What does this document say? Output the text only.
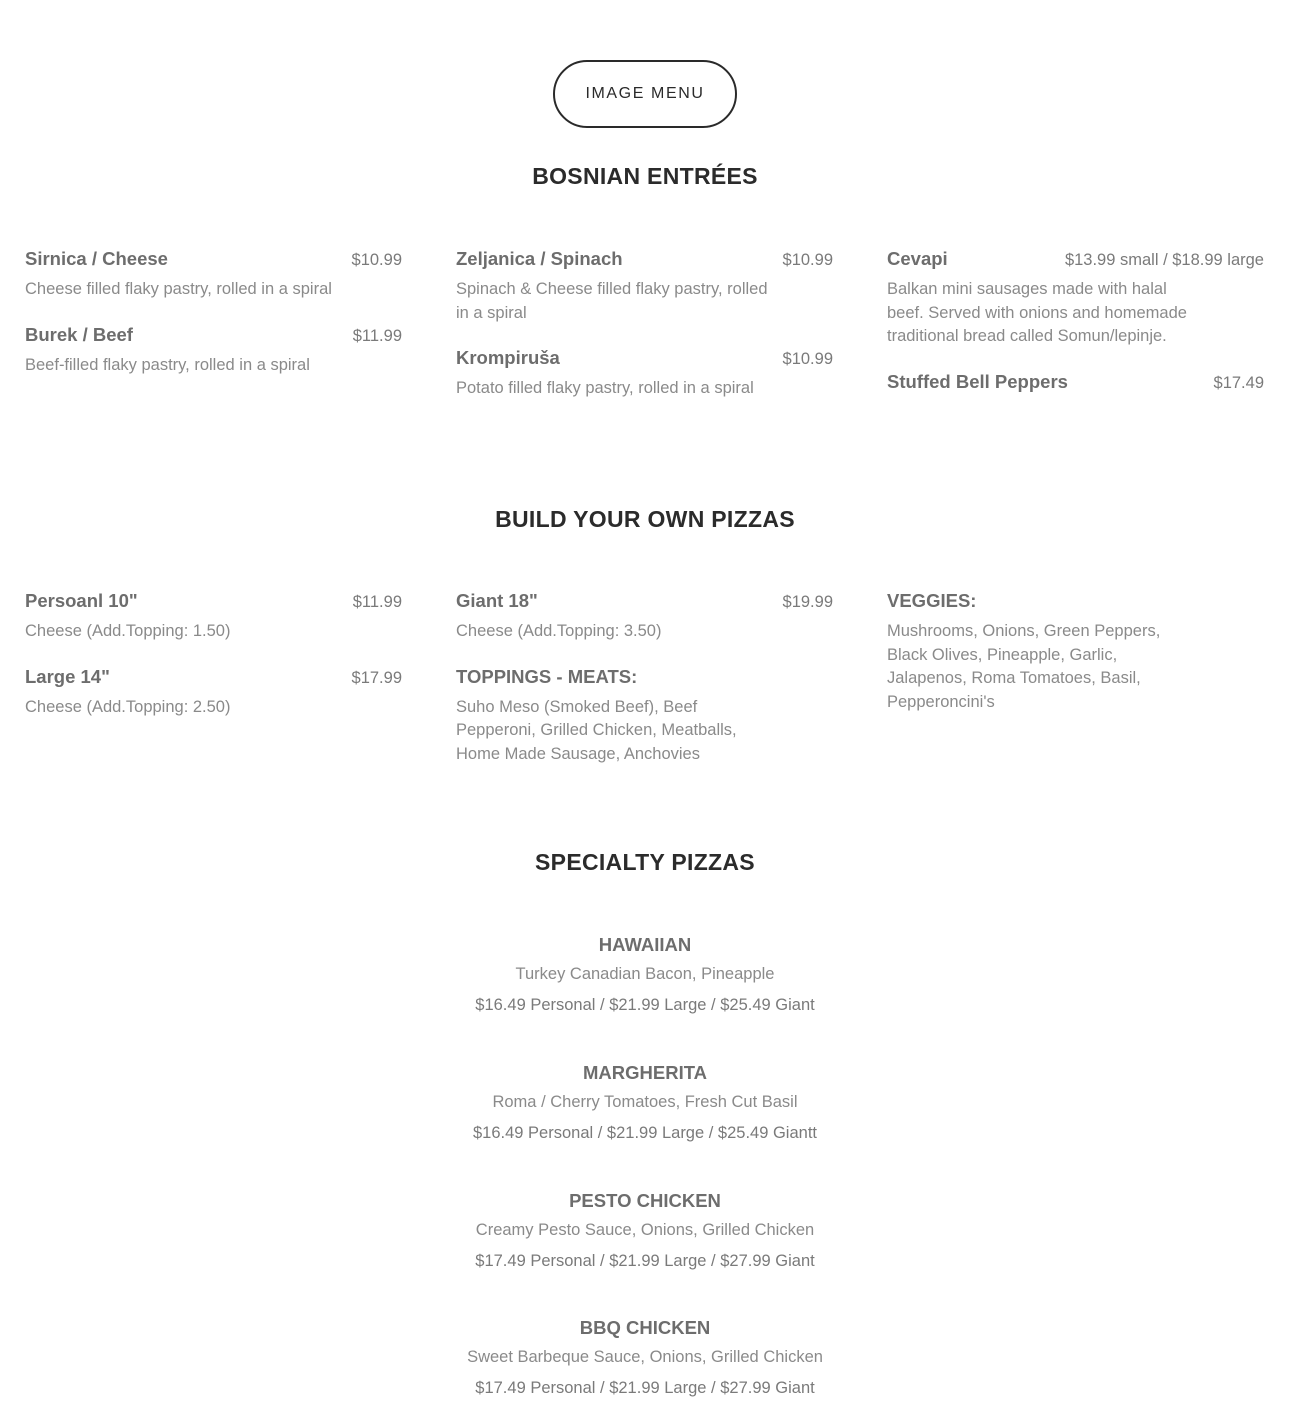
IMAGE MENU
BOSNIAN ENTRÉES
Sirnica / Cheese	$10.99
Cheese filled flaky pastry, rolled in a spiral
Burek / Beef	$11.99
Beef-filled flaky pastry, rolled in a spiral
Zeljanica / Spinach	$10.99
Spinach & Cheese filled flaky pastry, rolled in a spiral
Krompiruša	$10.99
Potato filled flaky pastry, rolled in a spiral
Cevapi	$13.99 small / $18.99 large
Balkan mini sausages made with halal beef. Served with onions and homemade traditional bread called Somun/lepinje.
Stuffed Bell Peppers	$17.49
BUILD YOUR OWN PIZZAS
Persoanl 10"	$11.99
Cheese (Add.Topping: 1.50)
Large 14"	$17.99
Cheese (Add.Topping: 2.50)
Giant 18"	$19.99
Cheese (Add.Topping: 3.50)
TOPPINGS - MEATS:
Suho Meso (Smoked Beef), Beef Pepperoni, Grilled Chicken, Meatballs, Home Made Sausage, Anchovies
VEGGIES:
Mushrooms, Onions, Green Peppers, Black Olives, Pineapple, Garlic, Jalapenos, Roma Tomatoes, Basil, Pepperoncini's
SPECIALTY PIZZAS
HAWAIIAN
Turkey Canadian Bacon, Pineapple
$16.49 Personal / $21.99 Large / $25.49 Giant
MARGHERITA
Roma / Cherry Tomatoes, Fresh Cut Basil
$16.49 Personal / $21.99 Large / $25.49 Giantt
PESTO CHICKEN
Creamy Pesto Sauce, Onions, Grilled Chicken
$17.49 Personal / $21.99 Large / $27.99 Giant
BBQ CHICKEN
Sweet Barbeque Sauce, Onions, Grilled Chicken
$17.49 Personal / $21.99 Large / $27.99 Giant
